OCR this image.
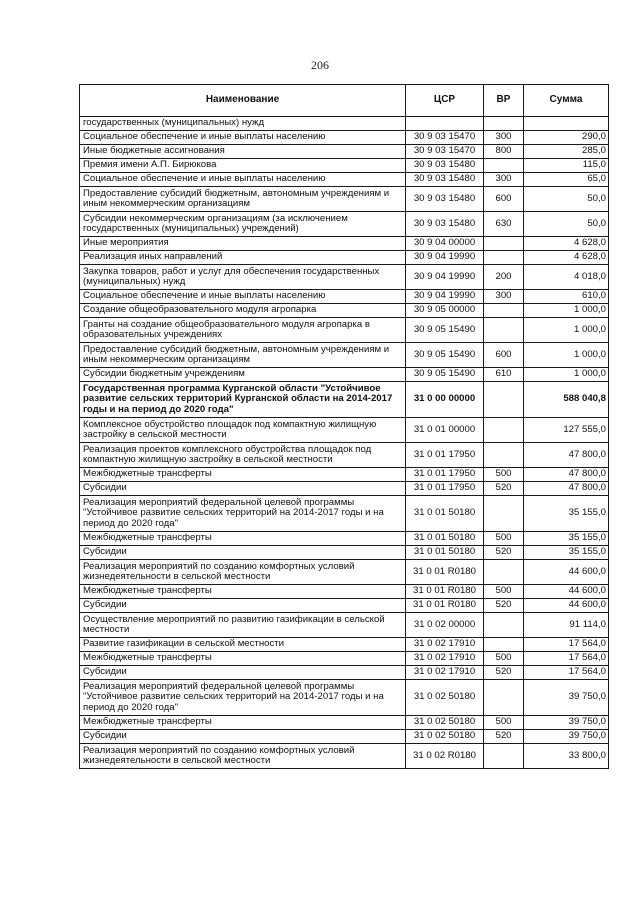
206
Наименование	ЦСР	ВР	Сумма
государственных (муниципальных) нужд			
Социальное обеспечение и иные выплаты населению	30 9 03 15470	300	290,0
Иные бюджетные ассигнования	30 9 03 15470	800	285,0
Премия имени А.П. Бирюкова	30 9 03 15480		115,0
Социальное обеспечение и иные выплаты населению	30 9 03 15480	300	65,0
Предоставление субсидий бюджетным, автономным учреждениям и иным некоммерческим организациям	30 9 03 15480	600	50,0
Субсидии некоммерческим организациям (за исключением государственных (муниципальных) учреждений)	30 9 03 15480	630	50,0
Иные мероприятия	30 9 04 00000		4 628,0
Реализация иных направлений	30 9 04 19990		4 628,0
Закупка товаров, работ и услуг для обеспечения государственных (муниципальных) нужд	30 9 04 19990	200	4 018,0
Социальное обеспечение и иные выплаты населению	30 9 04 19990	300	610,0
Создание общеобразовательного модуля агропарка	30 9 05 00000		1 000,0
Гранты на создание общеобразовательного модуля агропарка в образовательных учреждениях	30 9 05 15490		1 000,0
Предоставление субсидий бюджетным, автономным учреждениям и иным некоммерческим организациям	30 9 05 15490	600	1 000,0
Субсидии бюджетным учреждениям	30 9 05 15490	610	1 000,0
Государственная программа Курганской области "Устойчивое развитие сельских территорий Курганской области на 2014-2017 годы и на период до 2020 года"	31 0 00 00000		588 040,8
Комплексное обустройство площадок под компактную жилищную застройку в сельской местности	31 0 01 00000		127 555,0
Реализация проектов комплексного обустройства площадок под компактную жилищную застройку в сельской местности	31 0 01 17950		47 800,0
Межбюджетные трансферты	31 0 01 17950	500	47 800,0
Субсидии	31 0 01 17950	520	47 800,0
Реализация мероприятий федеральной целевой программы "Устойчивое развитие сельских территорий на 2014-2017 годы и на период до 2020 года"	31 0 01 50180		35 155,0
Межбюджетные трансферты	31 0 01 50180	500	35 155,0
Субсидии	31 0 01 50180	520	35 155,0
Реализация мероприятий по созданию комфортных условий жизнедеятельности в сельской местности	31 0 01 R0180		44 600,0
Межбюджетные трансферты	31 0 01 R0180	500	44 600,0
Субсидии	31 0 01 R0180	520	44 600,0
Осуществление мероприятий по развитию газификации в сельской местности	31 0 02 00000		91 114,0
Развитие газификации в сельской местности	31 0 02 17910		17 564,0
Межбюджетные трансферты	31 0 02 17910	500	17 564,0
Субсидии	31 0 02 17910	520	17 564,0
Реализация мероприятий федеральной целевой программы "Устойчивое развитие сельских территорий на 2014-2017 годы и на период до 2020 года"	31 0 02 50180		39 750,0
Межбюджетные трансферты	31 0 02 50180	500	39 750,0
Субсидии	31 0 02 50180	520	39 750,0
Реализация мероприятий по созданию комфортных условий жизнедеятельности в сельской местности	31 0 02 R0180		33 800,0
